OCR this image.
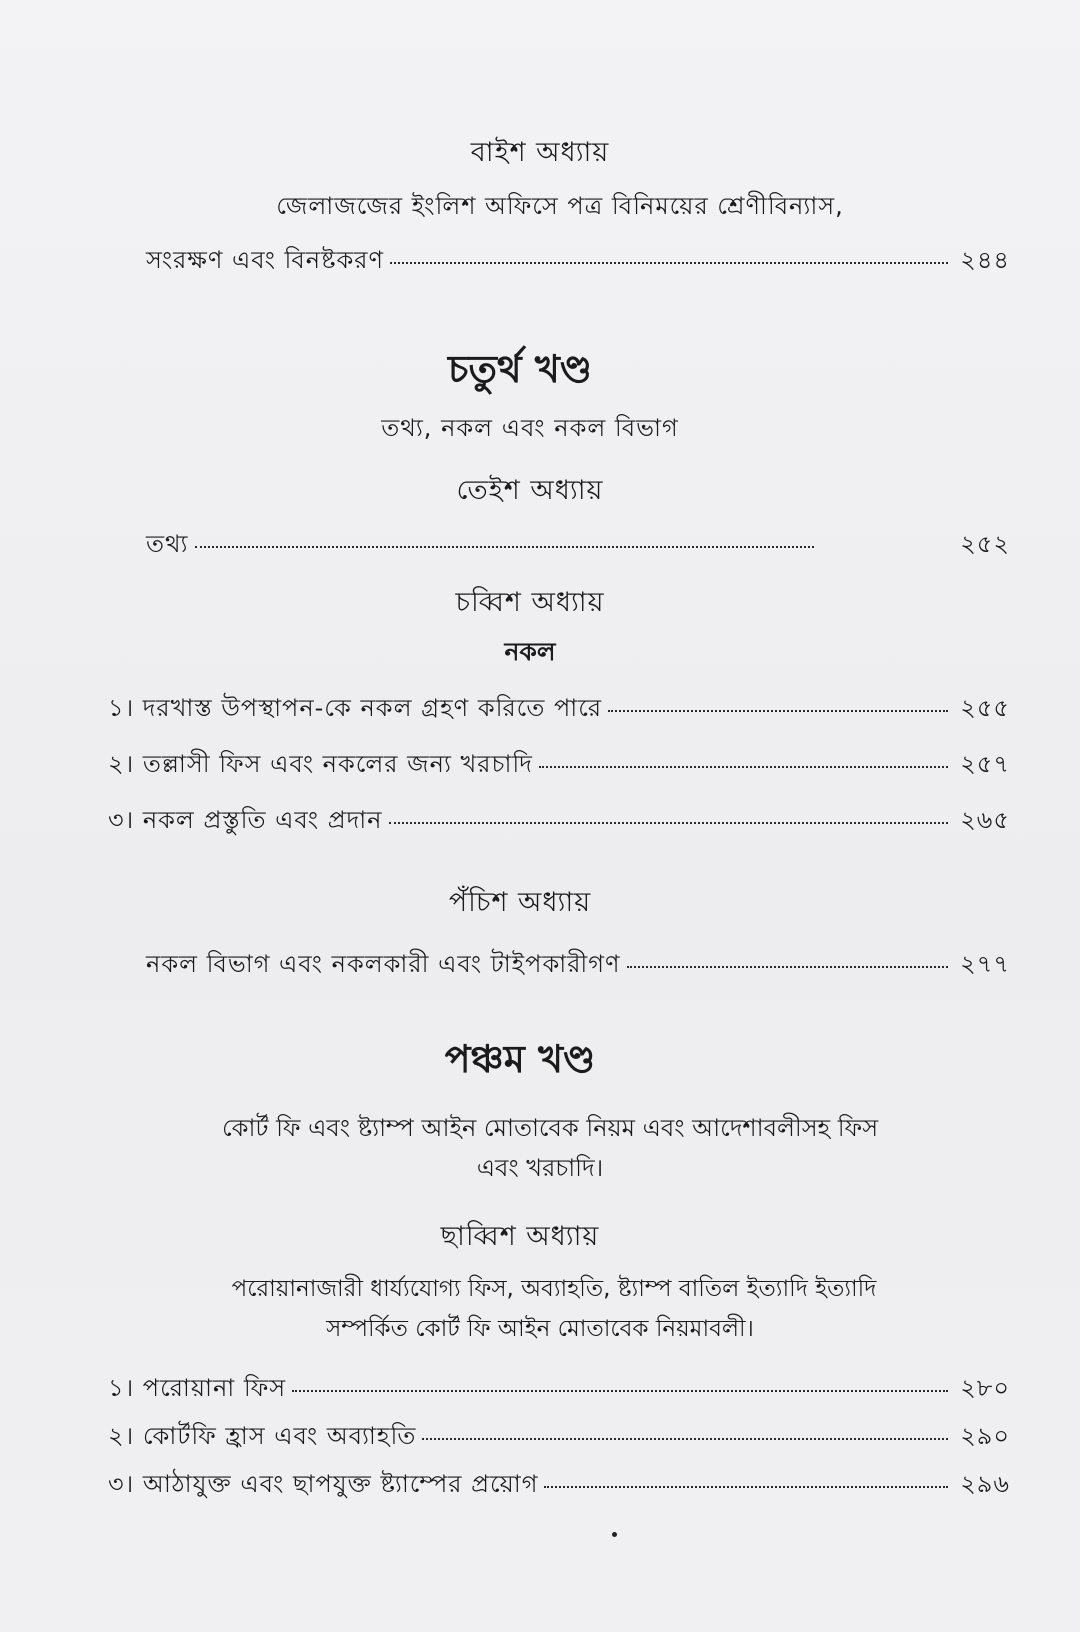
বাইশ অধ্যায়
জেলাজজের ইংলিশ অফিসে পত্র বিনিময়ের শ্রেণীবিন্যাস,
সংরক্ষণ এবং বিনষ্টকরণ	২৪৪
চতুর্থ খণ্ড
তথ্য, নকল এবং নকল বিভাগ
তেইশ অধ্যায়
তথ্য	২৫২
চব্বিশ অধ্যায়
নকল
১। দরখাস্ত উপস্থাপন-কে নকল গ্রহণ করিতে পারে	২৫৫
২। তল্লাসী ফিস এবং নকলের জন্য খরচাদি	২৫৭
৩। নকল প্রস্তুতি এবং প্রদান	২৬৫
পঁচিশ অধ্যায়
নকল বিভাগ এবং নকলকারী এবং টাইপকারীগণ	২৭৭
পঞ্চম খণ্ড
কোর্ট ফি এবং ষ্ট্যাম্প আইন মোতাবেক নিয়ম এবং আদেশাবলীসহ ফিস
এবং খরচাদি।
ছাব্বিশ অধ্যায়
পরোয়ানাজারী ধার্য্যযোগ্য ফিস, অব্যাহতি, ষ্ট্যাম্প বাতিল ইত্যাদি ইত্যাদি
সম্পর্কিত কোর্ট ফি আইন মোতাবেক নিয়মাবলী।
১। পরোয়ানা ফিস	২৮০
২। কোর্টফি হ্রাস এবং অব্যাহতি	২৯০
৩। আঠাযুক্ত এবং ছাপযুক্ত ষ্ট্যাম্পের প্রয়োগ	২৯৬
